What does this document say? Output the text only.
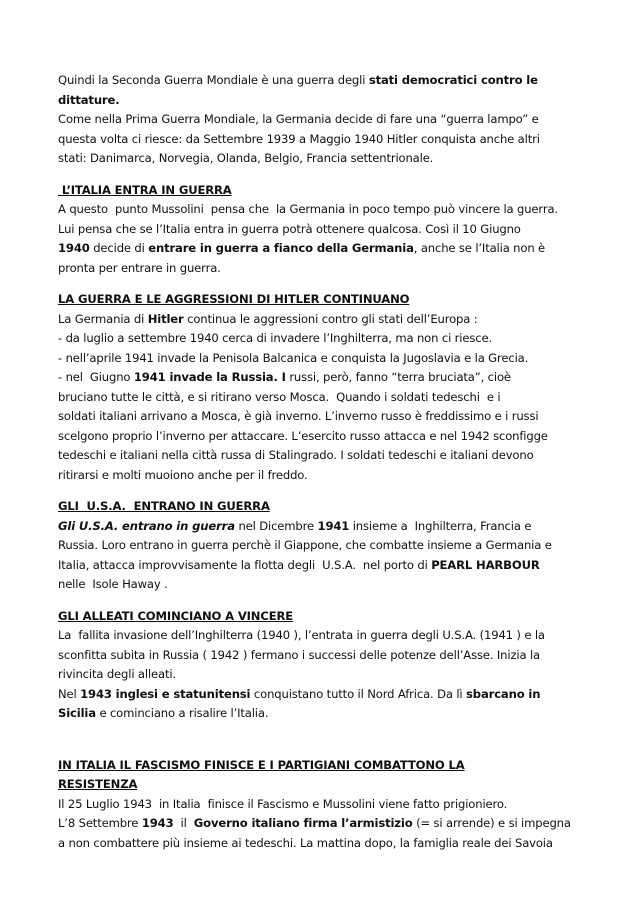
Quindi la Seconda Guerra Mondiale è una guerra degli stati democratici contro le
dittature.
Come nella Prima Guerra Mondiale, la Germania decide di fare una “guerra lampo” e
questa volta ci riesce: da Settembre 1939 a Maggio 1940 Hitler conquista anche altri
stati: Danimarca, Norvegia, Olanda, Belgio, Francia settentrionale.
L’ITALIA ENTRA IN GUERRA
A questo  punto Mussolini  pensa che  la Germania in poco tempo può vincere la guerra.
Lui pensa che se l’Italia entra in guerra potrà ottenere qualcosa. Così il 10 Giugno
1940 decide di entrare in guerra a fianco della Germania, anche se l’Italia non è
pronta per entrare in guerra.
LA GUERRA E LE AGGRESSIONI DI HITLER CONTINUANO
La Germania di Hitler continua le aggressioni contro gli stati dell’Europa :
- da luglio a settembre 1940 cerca di invadere l’Inghilterra, ma non ci riesce.
- nell’aprile 1941 invade la Penisola Balcanica e conquista la Jugoslavia e la Grecia.
- nel  Giugno 1941 invade la Russia. I russi, però, fanno “terra bruciata”, cioè
bruciano tutte le città, e si ritirano verso Mosca.  Quando i soldati tedeschi  e i
soldati italiani arrivano a Mosca, è già inverno. L’inverno russo è freddissimo e i russi
scelgono proprio l’inverno per attaccare. L’esercito russo attacca e nel 1942 sconfigge
tedeschi e italiani nella città russa di Stalingrado. I soldati tedeschi e italiani devono
ritirarsi e molti muoiono anche per il freddo.
GLI  U.S.A.  ENTRANO IN GUERRA
Gli U.S.A. entrano in guerra nel Dicembre 1941 insieme a  Inghilterra, Francia e
Russia. Loro entrano in guerra perchè il Giappone, che combatte insieme a Germania e
Italia, attacca improvvisamente la flotta degli  U.S.A.  nel porto di PEARL HARBOUR
nelle  Isole Haway .
GLI ALLEATI COMINCIANO A VINCERE
La  fallita invasione dell’Inghilterra (1940 ), l’entrata in guerra degli U.S.A. (1941 ) e la
sconfitta subita in Russia ( 1942 ) fermano i successi delle potenze dell’Asse. Inizia la
rivincita degli alleati.
Nel 1943 inglesi e statunitensi conquistano tutto il Nord Africa. Da lì sbarcano in
Sicilia e cominciano a risalire l’Italia.
IN ITALIA IL FASCISMO FINISCE E I PARTIGIANI COMBATTONO LA
RESISTENZA
Il 25 Luglio 1943  in Italia  finisce il Fascismo e Mussolini viene fatto prigioniero.
L’8 Settembre 1943  il  Governo italiano firma l’armistizio (= si arrende) e si impegna
a non combattere più insieme ai tedeschi. La mattina dopo, la famiglia reale dei Savoia
